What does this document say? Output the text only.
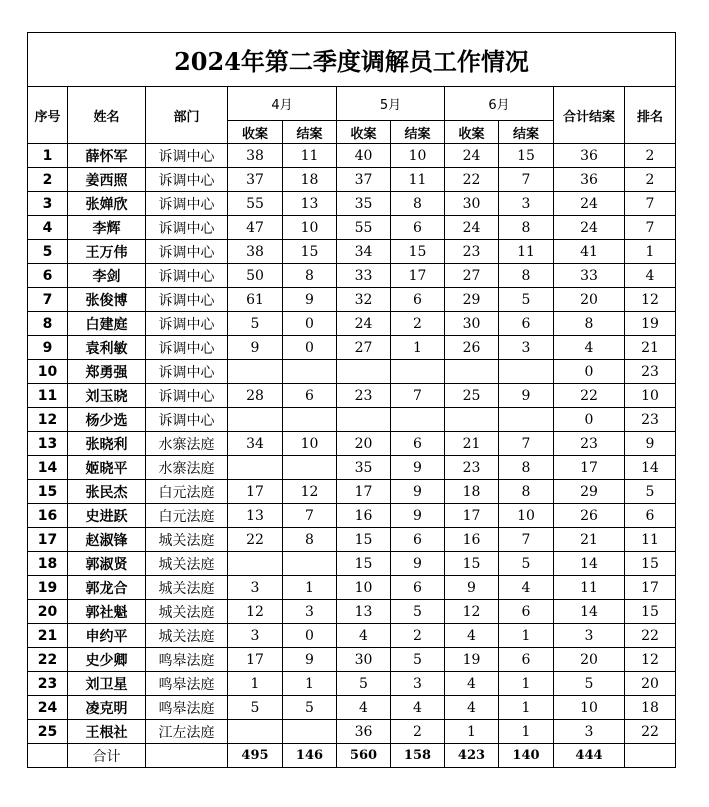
2024年第二季度调解员工作情况										
序号	姓名	部门	4月		5月		6月		合计结案	排名
			收案	结案	收案	结案	收案	结案		
1	薛怀军	诉调中心	38	11	40	10	24	15	36	2
2	姜西照	诉调中心	37	18	37	11	22	7	36	2
3	张婵欣	诉调中心	55	13	35	8	30	3	24	7
4	李辉	诉调中心	47	10	55	6	24	8	24	7
5	王万伟	诉调中心	38	15	34	15	23	11	41	1
6	李剑	诉调中心	50	8	33	17	27	8	33	4
7	张俊博	诉调中心	61	9	32	6	29	5	20	12
8	白建庭	诉调中心	5	0	24	2	30	6	8	19
9	袁利敏	诉调中心	9	0	27	1	26	3	4	21
10	郑勇强	诉调中心							0	23
11	刘玉晓	诉调中心	28	6	23	7	25	9	22	10
12	杨少选	诉调中心							0	23
13	张晓利	水寨法庭	34	10	20	6	21	7	23	9
14	姬晓平	水寨法庭			35	9	23	8	17	14
15	张民杰	白元法庭	17	12	17	9	18	8	29	5
16	史进跃	白元法庭	13	7	16	9	17	10	26	6
17	赵淑锋	城关法庭	22	8	15	6	16	7	21	11
18	郭淑贤	城关法庭			15	9	15	5	14	15
19	郭龙合	城关法庭	3	1	10	6	9	4	11	17
20	郭社魁	城关法庭	12	3	13	5	12	6	14	15
21	申约平	城关法庭	3	0	4	2	4	1	3	22
22	史少卿	鸣皋法庭	17	9	30	5	19	6	20	12
23	刘卫星	鸣皋法庭	1	1	5	3	4	1	5	20
24	凌克明	鸣皋法庭	5	5	4	4	4	1	10	18
25	王根社	江左法庭			36	2	1	1	3	22
	合计		495	146	560	158	423	140	444	
